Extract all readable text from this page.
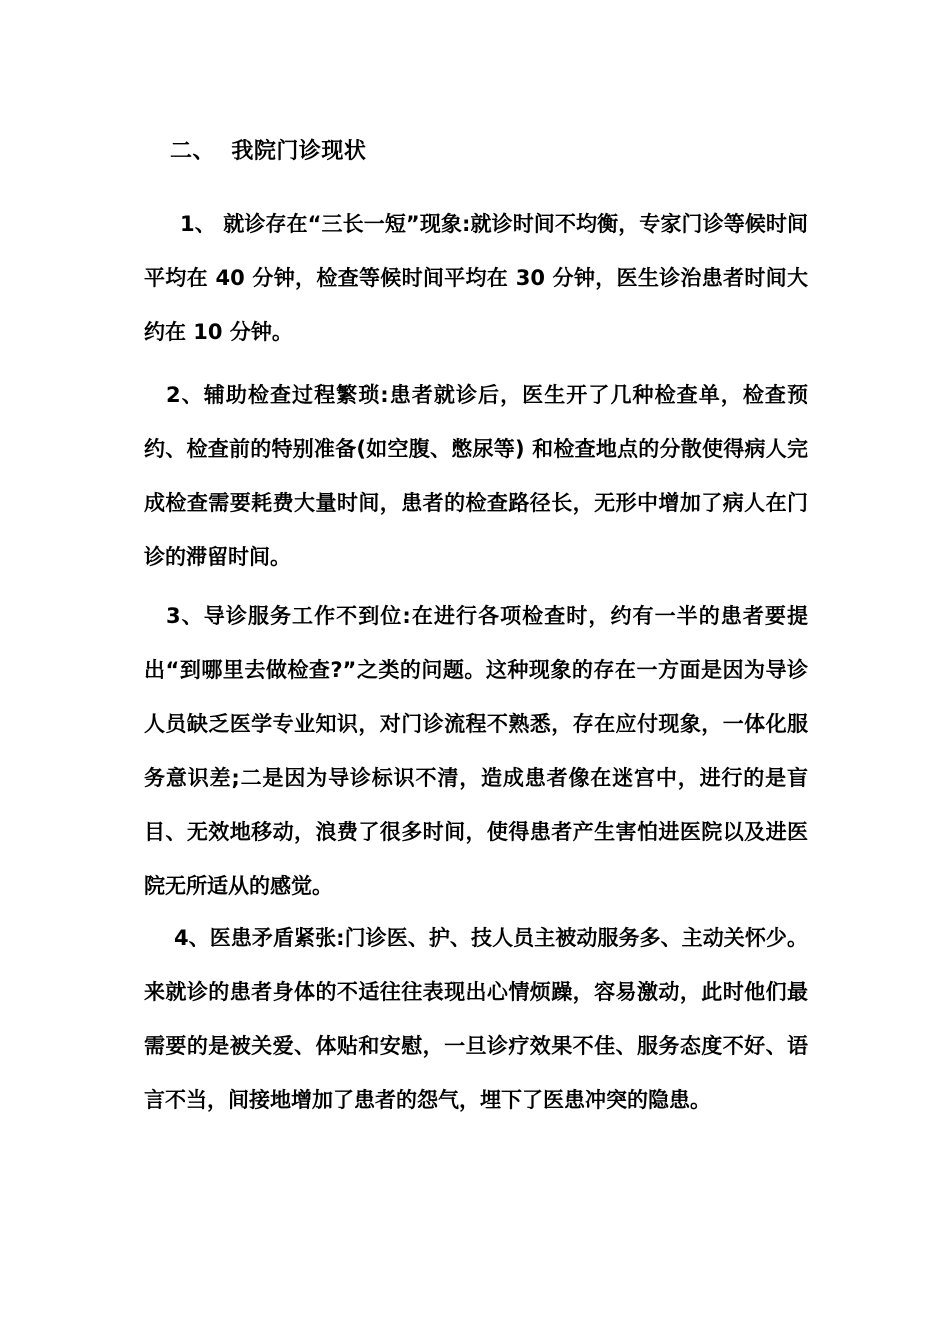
二、  我院门诊现状
1、 就诊存在“三长一短”现象:就诊时间不均衡，专家门诊等候时间平均在 40 分钟，检查等候时间平均在 30 分钟，医生诊治患者时间大约在 10 分钟。
2、辅助检查过程繁琐:患者就诊后，医生开了几种检查单，检查预约、检查前的特别准备(如空腹、憋尿等) 和检查地点的分散使得病人完成检查需要耗费大量时间，患者的检查路径长，无形中增加了病人在门诊的滞留时间。
3、导诊服务工作不到位:在进行各项检查时，约有一半的患者要提出“到哪里去做检查?”之类的问题。这种现象的存在一方面是因为导诊人员缺乏医学专业知识，对门诊流程不熟悉，存在应付现象，一体化服务意识差;二是因为导诊标识不清，造成患者像在迷宫中，进行的是盲目、无效地移动，浪费了很多时间，使得患者产生害怕进医院以及进医院无所适从的感觉。
4、医患矛盾紧张:门诊医、护、技人员主被动服务多、主动关怀少。来就诊的患者身体的不适往往表现出心情烦躁，容易激动，此时他们最需要的是被关爱、体贴和安慰，一旦诊疗效果不佳、服务态度不好、语言不当，间接地增加了患者的怨气，埋下了医患冲突的隐患。
